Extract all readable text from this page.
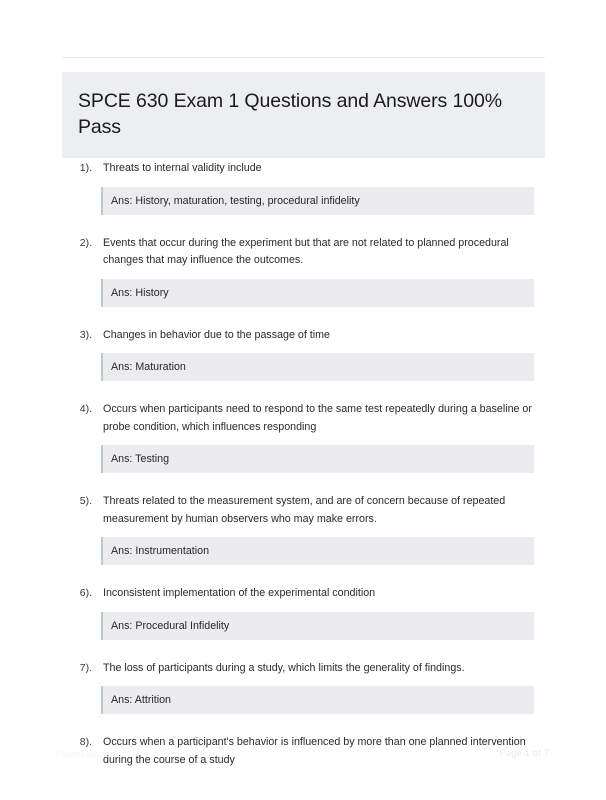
SPCE 630 Exam 1 Questions and Answers 100% Pass
1). Threats to internal validity include

Ans: History, maturation, testing, procedural infidelity

2). Events that occur during the experiment but that are not related to planned procedural changes that may influence the outcomes.

Ans: History

3). Changes in behavior due to the passage of time

Ans: Maturation

4). Occurs when participants need to respond to the same test repeatedly during a baseline or probe condition, which influences responding

Ans: Testing

5). Threats related to the measurement system, and are of concern because of repeated measurement by human observers who may make errors.

Ans: Instrumentation

6). Inconsistent implementation of the experimental condition

Ans: Procedural Infidelity

7). The loss of participants during a study, which limits the generality of findings.

Ans: Attrition

8). Occurs when a participant's behavior is influenced by more than one planned intervention during the course of a study

PaperStlic.com	Page 1 of 7
